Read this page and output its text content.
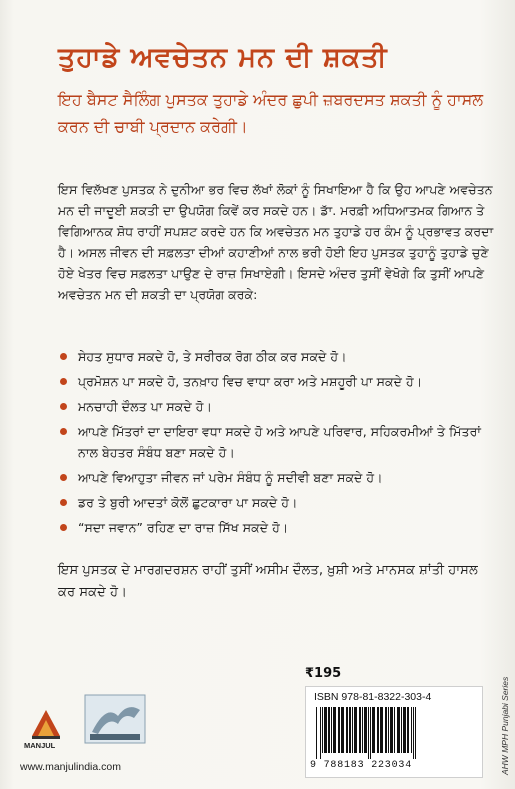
ਤੁਹਾਡੇ ਅਵਚੇਤਨ ਮਨ ਦੀ ਸ਼ਕਤੀ
ਇਹ ਬੈਸਟ ਸੈਲਿੰਗ ਪੁਸਤਕ ਤੁਹਾਡੇ ਅੰਦਰ ਛੁਪੀ ਜ਼ਬਰਦਸਤ ਸ਼ਕਤੀ ਨੂੰ ਹਾਸਲ ਕਰਨ ਦੀ ਚਾਬੀ ਪ੍ਰਦਾਨ ਕਰੇਗੀ।
ਇਸ ਵਿਲੱਖਣ ਪੁਸਤਕ ਨੇ ਦੁਨੀਆ ਭਰ ਵਿਚ ਲੱਖਾਂ ਲੋਕਾਂ ਨੂੰ ਸਿਖਾਇਆ ਹੈ ਕਿ ਉਹ ਆਪਣੇ ਅਵਚੇਤਨ ਮਨ ਦੀ ਜਾਦੂਈ ਸ਼ਕਤੀ ਦਾ ਉਪਯੋਗ ਕਿਵੇਂ ਕਰ ਸਕਦੇ ਹਨ। ਡਾੱ. ਮਰਫ਼ੀ ਅਧਿਆਤਮਕ ਗਿਆਨ ਤੇ ਵਿਗਿਆਨਕ ਸ਼ੋਧ ਰਾਹੀਂ ਸਪਸ਼ਟ ਕਰਦੇ ਹਨ ਕਿ ਅਵਚੇਤਨ ਮਨ ਤੁਹਾਡੇ ਹਰ ਕੰਮ ਨੂੰ ਪ੍ਰਭਾਵਤ ਕਰਦਾ ਹੈ। ਅਸਲ ਜੀਵਨ ਦੀ ਸਫ਼ਲਤਾ ਦੀਆਂ ਕਹਾਣੀਆਂ ਨਾਲ ਭਰੀ ਹੋਈ ਇਹ ਪੁਸਤਕ ਤੁਹਾਨੂੰ ਤੁਹਾਡੇ ਚੁਣੇ ਹੋਏ ਖੇਤਰ ਵਿਚ ਸਫ਼ਲਤਾ ਪਾਉਣ ਦੇ ਰਾਜ਼ ਸਿਖਾਏਗੀ। ਇਸਦੇ ਅੰਦਰ ਤੁਸੀਂ ਵੇਖੋਗੇ ਕਿ ਤੁਸੀਂ ਆਪਣੇ ਅਵਚੇਤਨ ਮਨ ਦੀ ਸ਼ਕਤੀ ਦਾ ਪ੍ਰਯੋਗ ਕਰਕੇ:
ਸੇਹਤ ਸੁਧਾਰ ਸਕਦੇ ਹੋ, ਤੇ ਸਰੀਰਕ ਰੋਗ ਠੀਕ ਕਰ ਸਕਦੇ ਹੋ।
ਪ੍ਰਮੋਸ਼ਨ ਪਾ ਸਕਦੇ ਹੋ, ਤਨਖ਼ਾਹ ਵਿਚ ਵਾਧਾ ਕਰਾ ਅਤੇ ਮਸ਼ਹੂਰੀ ਪਾ ਸਕਦੇ ਹੋ।
ਮਨਚਾਹੀ ਦੌਲਤ ਪਾ ਸਕਦੇ ਹੋ।
ਆਪਣੇ ਮਿੱਤਰਾਂ ਦਾ ਦਾਇਰਾ ਵਧਾ ਸਕਦੇ ਹੋ ਅਤੇ ਆਪਣੇ ਪਰਿਵਾਰ, ਸਹਿਕਰਮੀਆਂ ਤੇ ਮਿੱਤਰਾਂ ਨਾਲ ਬੇਹਤਰ ਸੰਬੰਧ ਬਣਾ ਸਕਦੇ ਹੋ।
ਆਪਣੇ ਵਿਆਹੁਤਾ ਜੀਵਨ ਜਾਂ ਪਰੇਮ ਸੰਬੰਧ ਨੂੰ ਸਦੀਵੀ ਬਣਾ ਸਕਦੇ ਹੋ।
ਡਰ ਤੇ ਬੁਰੀ ਆਦਤਾਂ ਕੋਲੋਂ ਛੁਟਕਾਰਾ ਪਾ ਸਕਦੇ ਹੋ।
“ਸਦਾ ਜਵਾਨ” ਰਹਿਣ ਦਾ ਰਾਜ਼ ਸਿੱਖ ਸਕਦੇ ਹੋ।
ਇਸ ਪੁਸਤਕ ਦੇ ਮਾਰਗਦਰਸ਼ਨ ਰਾਹੀਂ ਤੁਸੀਂ ਅਸੀਮ ਦੌਲਤ, ਖ਼ੁਸ਼ੀ ਅਤੇ ਮਾਨਸਕ ਸ਼ਾਂਤੀ ਹਾਸਲ ਕਰ ਸਕਦੇ ਹੋ।
₹195
ISBN 978-81-8322-303-4
9 788183 223034	AHW MPH Punjabi Series
MANJUL
www.manjulindia.com
